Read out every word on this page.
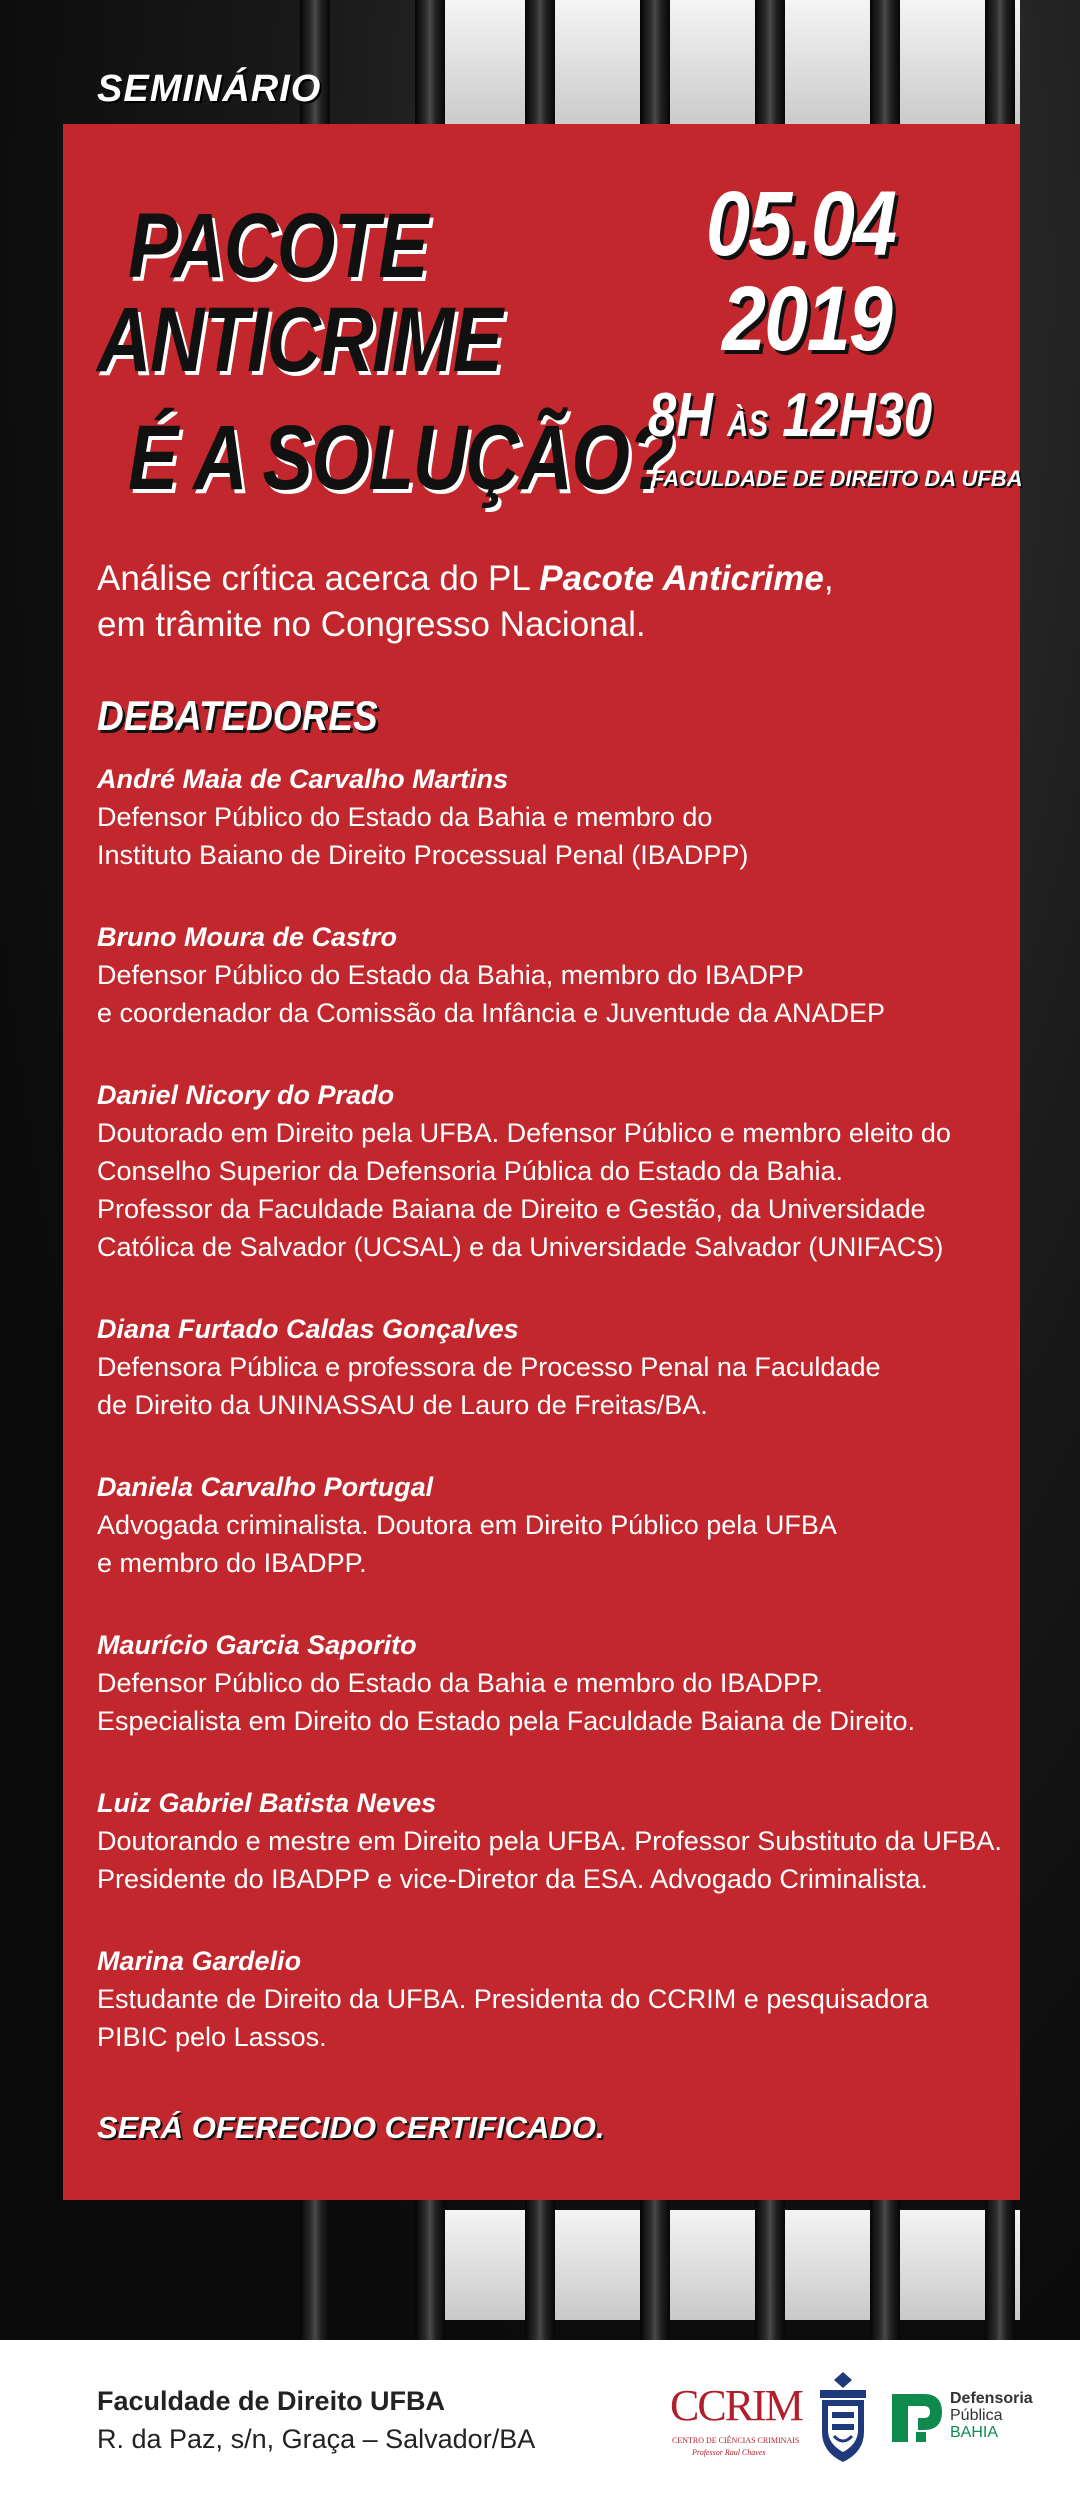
SEMINÁRIO
PACOTE
ANTICRIME
É A SOLUÇÃO?
05.04
2019
8H ÀS 12H30
FACULDADE DE DIREITO DA UFBA
Análise crítica acerca do PL Pacote Anticrime,
em trâmite no Congresso Nacional.
DEBATEDORES
André Maia de Carvalho Martins
Defensor Público do Estado da Bahia e membro do
Instituto Baiano de Direito Processual Penal (IBADPP)
Bruno Moura de Castro
Defensor Público do Estado da Bahia, membro do IBADPP
e coordenador da Comissão da Infância e Juventude da ANADEP
Daniel Nicory do Prado
Doutorado em Direito pela UFBA. Defensor Público e membro eleito do
Conselho Superior da Defensoria Pública do Estado da Bahia.
Professor da Faculdade Baiana de Direito e Gestão, da Universidade
Católica de Salvador (UCSAL) e da Universidade Salvador (UNIFACS)
Diana Furtado Caldas Gonçalves
Defensora Pública e professora de Processo Penal na Faculdade
de Direito da UNINASSAU de Lauro de Freitas/BA.
Daniela Carvalho Portugal
Advogada criminalista. Doutora em Direito Público pela UFBA
e membro do IBADPP.
Maurício Garcia Saporito
Defensor Público do Estado da Bahia e membro do IBADPP.
Especialista em Direito do Estado pela Faculdade Baiana de Direito.
Luiz Gabriel Batista Neves
Doutorando e mestre em Direito pela UFBA. Professor Substituto da UFBA.
Presidente do IBADPP e vice-Diretor da ESA. Advogado Criminalista.
Marina Gardelio
Estudante de Direito da UFBA. Presidenta do CCRIM e pesquisadora
PIBIC pelo Lassos.
SERÁ OFERECIDO CERTIFICADO.
Faculdade de Direito UFBA
R. da Paz, s/n, Graça – Salvador/BA
CCRIM
CENTRO DE CIÊNCIAS CRIMINAIS
Professor Raul Chaves
Defensoria
Pública
BAHIA
